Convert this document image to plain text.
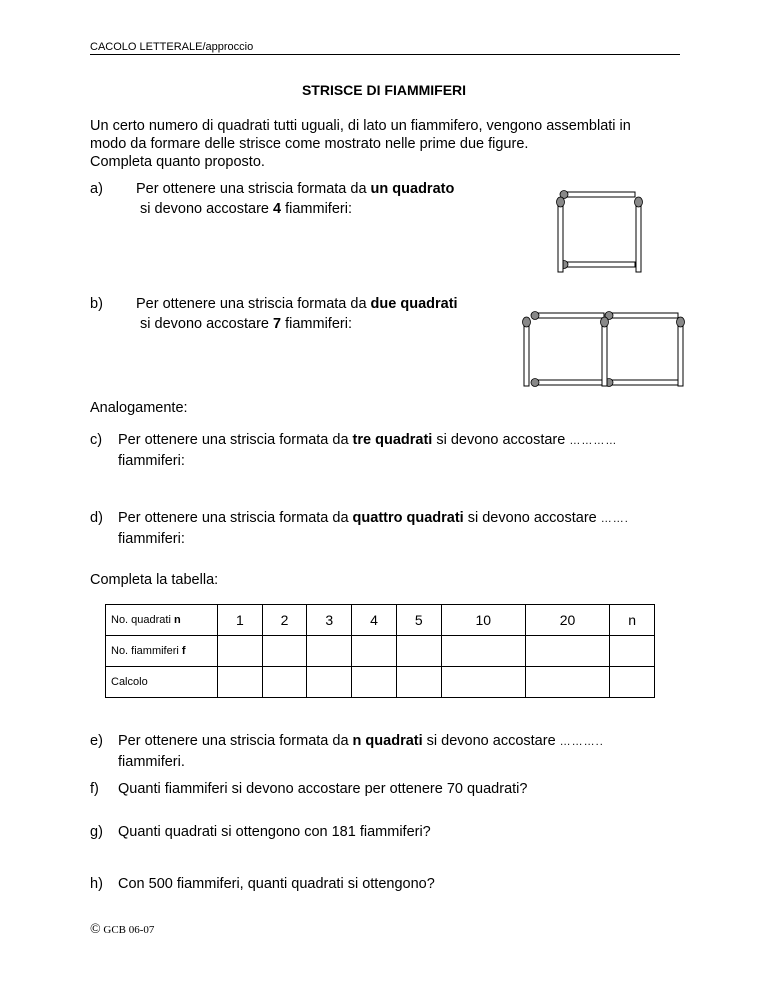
CACOLO LETTERALE/approccio
STRISCE DI FIAMMIFERI
Un certo numero di quadrati tutti uguali, di lato un fiammifero, vengono assemblati in
modo da formare delle strisce come mostrato nelle prime due figure.
Completa quanto proposto.
a) Per ottenere una striscia formata da un quadrato
si devono accostare 4 fiammiferi:
b) Per ottenere una striscia formata da due quadrati
si devono accostare 7 fiammiferi:
Analogamente:
c) Per ottenere una striscia formata da tre quadrati si devono accostare …………
fiammiferi:
d) Per ottenere una striscia formata da quattro quadrati si devono accostare …….
fiammiferi:
Completa la tabella:
No. quadrati n	1	2	3	4	5	10	20	n
No. fiammiferi f								
Calcolo								
e) Per ottenere una striscia formata da n quadrati si devono accostare ………..
fiammiferi.
f) Quanti fiammiferi si devono accostare per ottenere 70 quadrati?
g) Quanti quadrati si ottengono con 181 fiammiferi?
h) Con 500 fiammiferi, quanti quadrati si ottengono?
© GCB 06-07
